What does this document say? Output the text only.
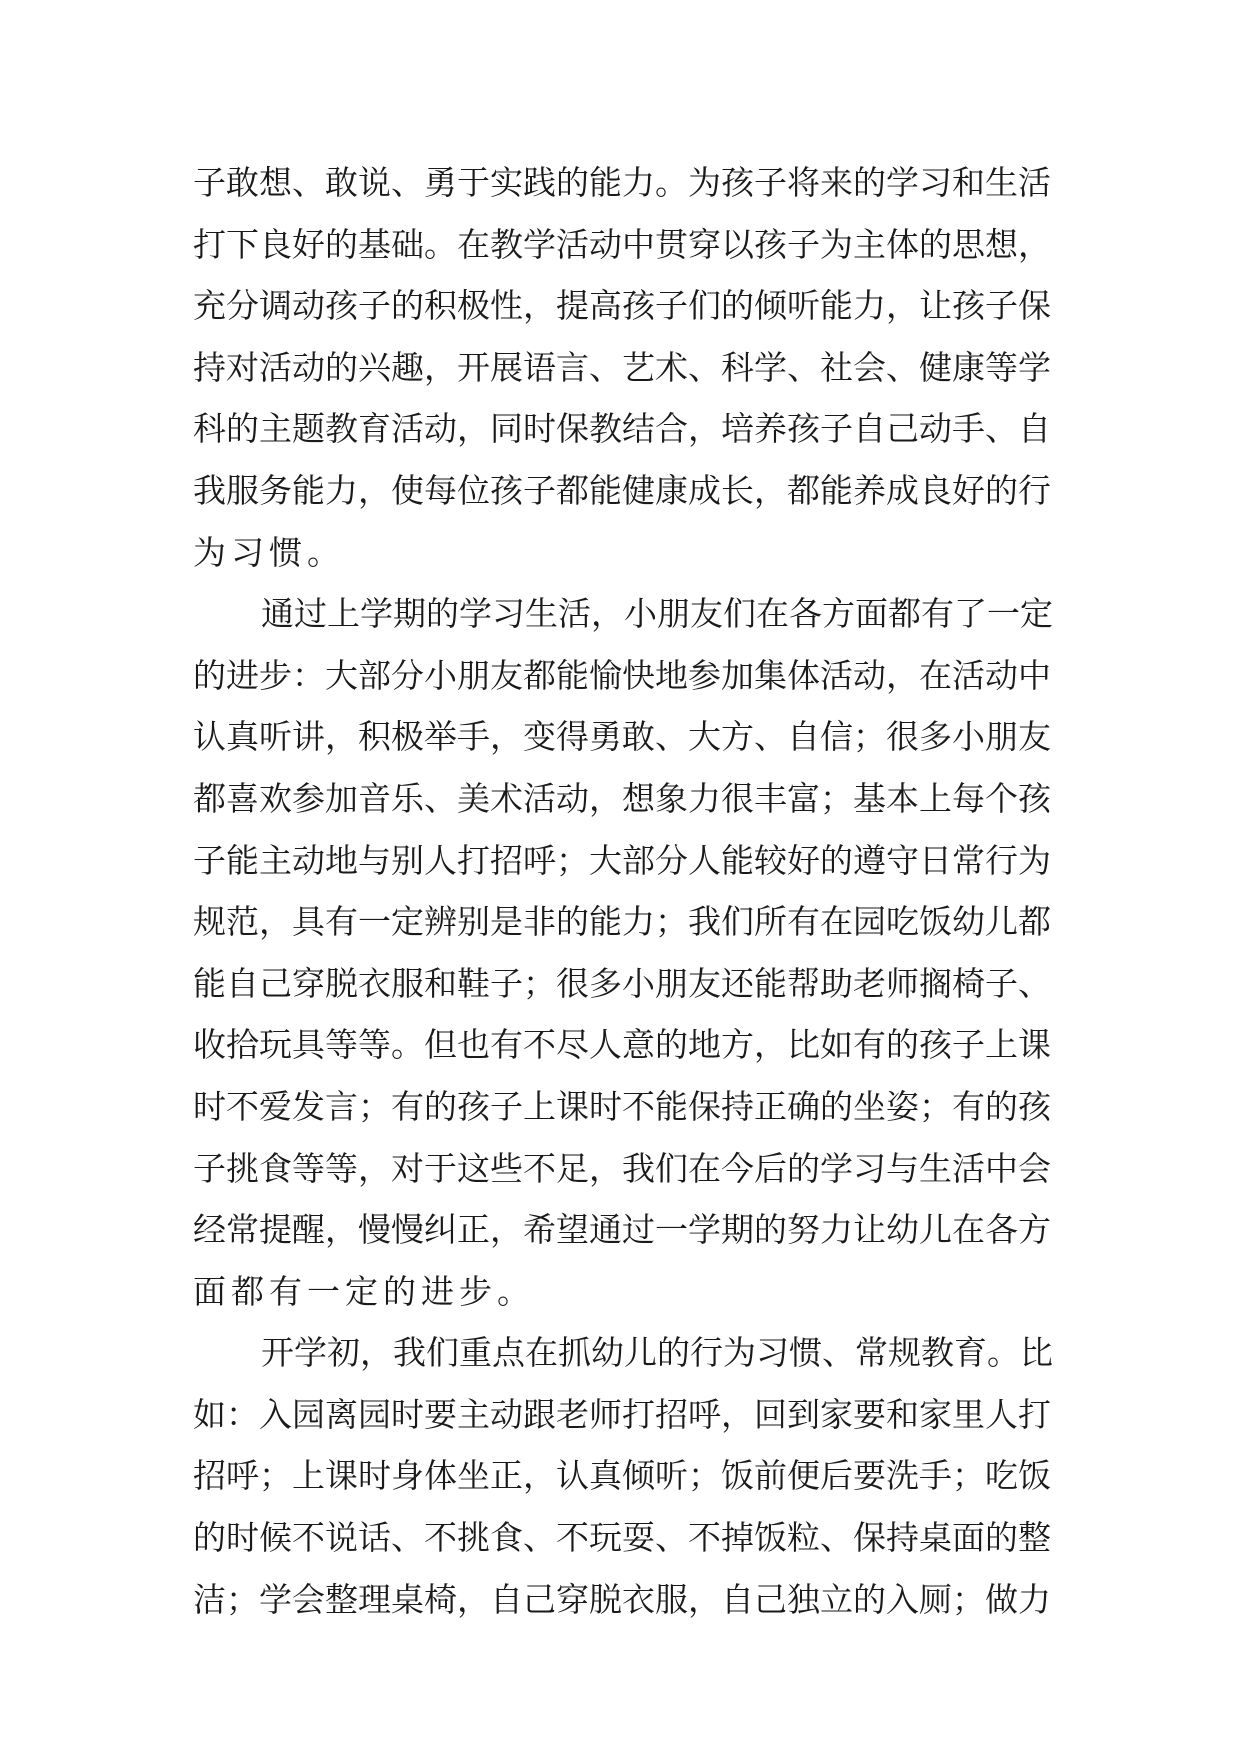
子敢想、敢说、勇于实践的能力。为孩子将来的学习和生活
打下良好的基础。在教学活动中贯穿以孩子为主体的思想，
充分调动孩子的积极性，提高孩子们的倾听能力，让孩子保
持对活动的兴趣，开展语言、艺术、科学、社会、健康等学
科的主题教育活动，同时保教结合，培养孩子自己动手、自
我服务能力，使每位孩子都能健康成长，都能养成良好的行
为习惯。
通过上学期的学习生活，小朋友们在各方面都有了一定
的进步：大部分小朋友都能愉快地参加集体活动，在活动中
认真听讲，积极举手，变得勇敢、大方、自信；很多小朋友
都喜欢参加音乐、美术活动，想象力很丰富；基本上每个孩
子能主动地与别人打招呼；大部分人能较好的遵守日常行为
规范，具有一定辨别是非的能力；我们所有在园吃饭幼儿都
能自己穿脱衣服和鞋子；很多小朋友还能帮助老师搁椅子、
收拾玩具等等。但也有不尽人意的地方，比如有的孩子上课
时不爱发言；有的孩子上课时不能保持正确的坐姿；有的孩
子挑食等等，对于这些不足，我们在今后的学习与生活中会
经常提醒，慢慢纠正，希望通过一学期的努力让幼儿在各方
面都有一定的进步。
开学初，我们重点在抓幼儿的行为习惯、常规教育。比
如：入园离园时要主动跟老师打招呼，回到家要和家里人打
招呼；上课时身体坐正，认真倾听；饭前便后要洗手；吃饭
的时候不说话、不挑食、不玩耍、不掉饭粒、保持桌面的整
洁；学会整理桌椅，自己穿脱衣服，自己独立的入厕；做力
